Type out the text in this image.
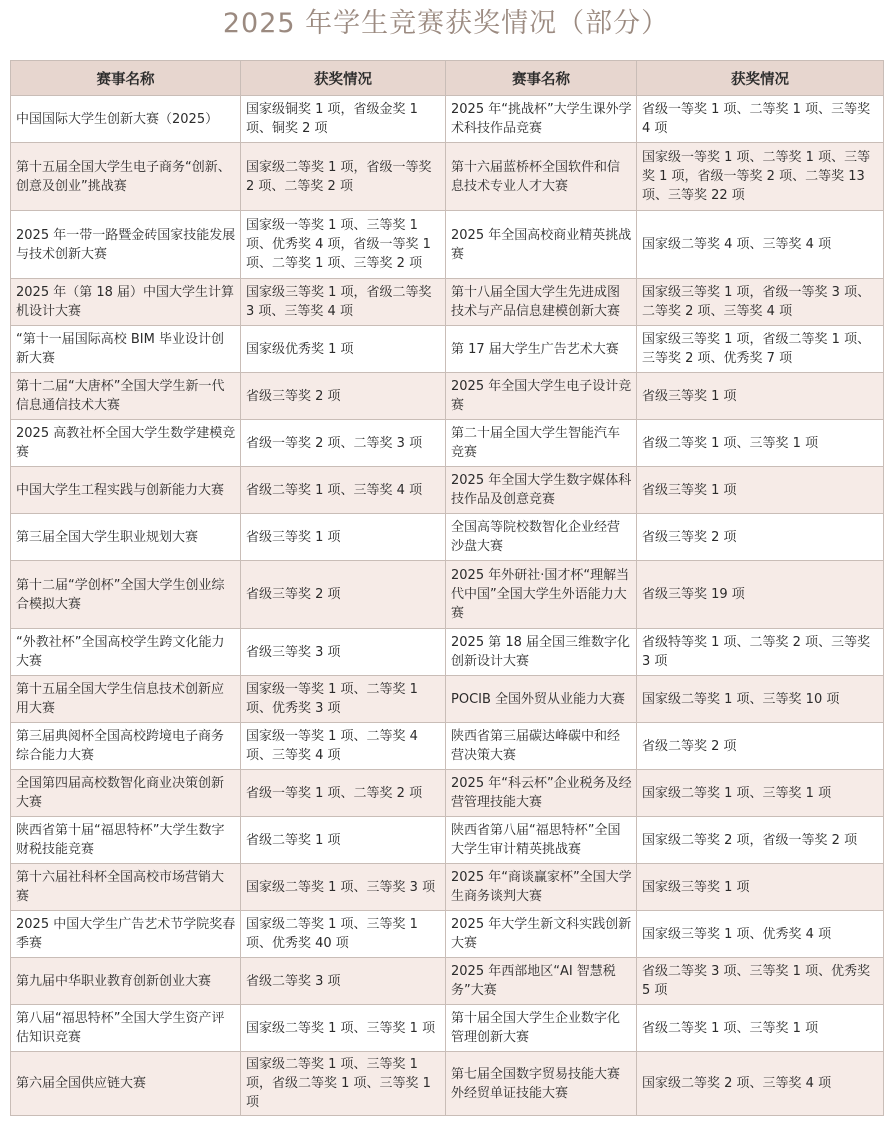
2025 年学生竞赛获奖情况（部分）
赛事名称	获奖情况	赛事名称	获奖情况
中国国际大学生创新大赛（2025）	国家级铜奖 1 项，省级金奖 1 项、铜奖 2 项	2025 年“挑战杯”大学生课外学术科技作品竞赛	省级一等奖 1 项、二等奖 1 项、三等奖 4 项
第十五届全国大学生电子商务“创新、创意及创业”挑战赛	国家级二等奖 1 项，省级一等奖 2 项、二等奖 2 项	第十六届蓝桥杯全国软件和信息技术专业人才大赛	国家级一等奖 1 项、二等奖 1 项、三等奖 1 项，省级一等奖 2 项、二等奖 13 项、三等奖 22 项
2025 年一带一路暨金砖国家技能发展与技术创新大赛	国家级一等奖 1 项、三等奖 1 项、优秀奖 4 项，省级一等奖 1 项、二等奖 1 项、三等奖 2 项	2025 年全国高校商业精英挑战赛	国家级二等奖 4 项、三等奖 4 项
2025 年（第 18 届）中国大学生计算机设计大赛	国家级三等奖 1 项，省级二等奖 3 项、三等奖 4 项	第十八届全国大学生先进成图技术与产品信息建模创新大赛	国家级三等奖 1 项，省级一等奖 3 项、二等奖 2 项、三等奖 4 项
“第十一届国际高校 BIM 毕业设计创新大赛	国家级优秀奖 1 项	第 17 届大学生广告艺术大赛	国家级三等奖 1 项，省级二等奖 1 项、三等奖 2 项、优秀奖 7 项
第十二届“大唐杯”全国大学生新一代信息通信技术大赛	省级三等奖 2 项	2025 年全国大学生电子设计竞赛	省级三等奖 1 项
2025 高教社杯全国大学生数学建模竞赛	省级一等奖 2 项、二等奖 3 项	第二十届全国大学生智能汽车竞赛	省级二等奖 1 项、三等奖 1 项
中国大学生工程实践与创新能力大赛	省级二等奖 1 项、三等奖 4 项	2025 年全国大学生数字媒体科技作品及创意竞赛	省级三等奖 1 项
第三届全国大学生职业规划大赛	省级三等奖 1 项	全国高等院校数智化企业经营沙盘大赛	省级三等奖 2 项
第十二届“学创杯”全国大学生创业综合模拟大赛	省级三等奖 2 项	2025 年外研社·国才杯“理解当代中国”全国大学生外语能力大赛	省级三等奖 19 项
“外教社杯”全国高校学生跨文化能力大赛	省级三等奖 3 项	2025 第 18 届全国三维数字化创新设计大赛	省级特等奖 1 项、二等奖 2 项、三等奖 3 项
第十五届全国大学生信息技术创新应用大赛	国家级一等奖 1 项、二等奖 1 项、优秀奖 3 项	POCIB 全国外贸从业能力大赛	国家级二等奖 1 项、三等奖 10 项
第三届典阅杯全国高校跨境电子商务综合能力大赛	国家级一等奖 1 项、二等奖 4 项、三等奖 4 项	陕西省第三届碳达峰碳中和经营决策大赛	省级二等奖 2 项
全国第四届高校数智化商业决策创新大赛	省级一等奖 1 项、二等奖 2 项	2025 年“科云杯”企业税务及经营管理技能大赛	国家级二等奖 1 项、三等奖 1 项
陕西省第十届“福思特杯”大学生数字财税技能竞赛	省级二等奖 1 项	陕西省第八届“福思特杯”全国大学生审计精英挑战赛	国家级二等奖 2 项，省级一等奖 2 项
第十六届社科杯全国高校市场营销大赛	国家级二等奖 1 项、三等奖 3 项	2025 年“商谈赢家杯”全国大学生商务谈判大赛	国家级三等奖 1 项
2025 中国大学生广告艺术节学院奖春季赛	国家级二等奖 1 项、三等奖 1 项、优秀奖 40 项	2025 年大学生新文科实践创新大赛	国家级三等奖 1 项、优秀奖 4 项
第九届中华职业教育创新创业大赛	省级二等奖 3 项	2025 年西部地区“AI 智慧税务”大赛	省级二等奖 3 项、三等奖 1 项、优秀奖 5 项
第八届“福思特杯”全国大学生资产评估知识竞赛	国家级二等奖 1 项、三等奖 1 项	第十届全国大学生企业数字化管理创新大赛	省级二等奖 1 项、三等奖 1 项
第六届全国供应链大赛	国家级二等奖 1 项、三等奖 1 项，省级二等奖 1 项、三等奖 1 项	第七届全国数字贸易技能大赛外经贸单证技能大赛	国家级二等奖 2 项、三等奖 4 项
